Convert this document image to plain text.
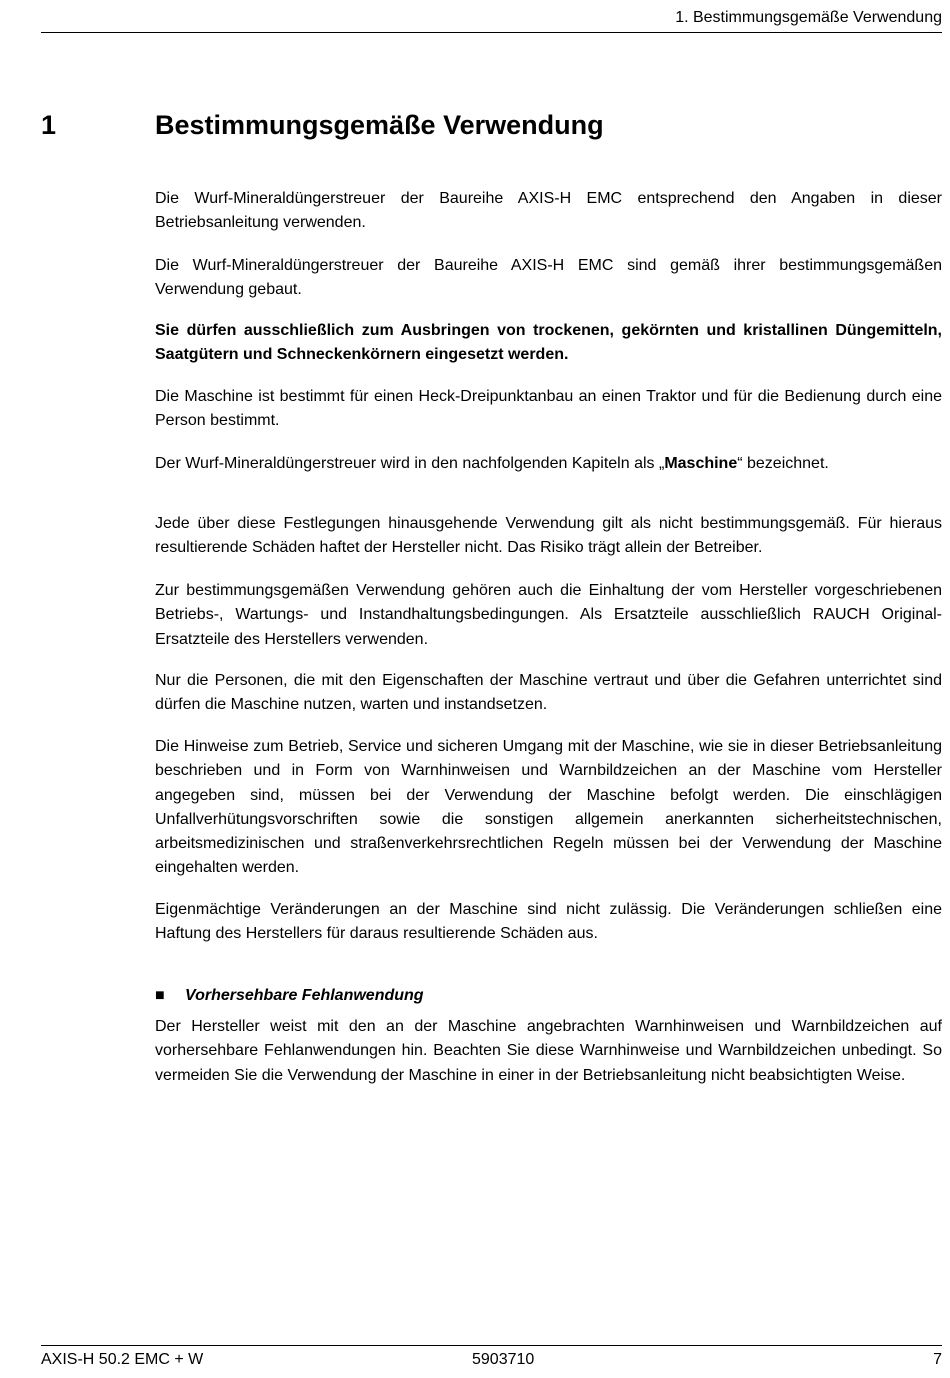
1. Bestimmungsgemäße Verwendung
1	Bestimmungsgemäße Verwendung

Die Wurf-Mineraldüngerstreuer der Baureihe AXIS-H EMC entsprechend den Angaben in dieser Betriebsanleitung verwenden.

Die Wurf-Mineraldüngerstreuer der Baureihe AXIS-H EMC sind gemäß ihrer bestimmungsgemäßen Verwendung gebaut.

Sie dürfen ausschließlich zum Ausbringen von trockenen, gekörnten und kristallinen Düngemitteln, Saatgütern und Schneckenkörnern eingesetzt werden.

Die Maschine ist bestimmt für einen Heck-Dreipunktanbau an einen Traktor und für die Bedienung durch eine Person bestimmt.

Der Wurf-Mineraldüngerstreuer wird in den nachfolgenden Kapiteln als „Maschine“ bezeichnet.

Jede über diese Festlegungen hinausgehende Verwendung gilt als nicht bestimmungsgemäß. Für hieraus resultierende Schäden haftet der Hersteller nicht. Das Risiko trägt allein der Betreiber.

Zur bestimmungsgemäßen Verwendung gehören auch die Einhaltung der vom Hersteller vorgeschriebenen Betriebs-, Wartungs- und Instandhaltungsbedingungen. Als Ersatzteile ausschließlich RAUCH Original-Ersatzteile des Herstellers verwenden.

Nur die Personen, die mit den Eigenschaften der Maschine vertraut und über die Gefahren unterrichtet sind dürfen die Maschine nutzen, warten und instandsetzen.

Die Hinweise zum Betrieb, Service und sicheren Umgang mit der Maschine, wie sie in dieser Betriebsanleitung beschrieben und in Form von Warnhinweisen und Warnbildzeichen an der Maschine vom Hersteller angegeben sind, müssen bei der Verwendung der Maschine befolgt werden. Die einschlägigen Unfallverhütungsvorschriften sowie die sonstigen allgemein anerkannten sicherheitstechnischen, arbeitsmedizinischen und straßenverkehrsrechtlichen Regeln müssen bei der Verwendung der Maschine eingehalten werden.

Eigenmächtige Veränderungen an der Maschine sind nicht zulässig. Die Veränderungen schließen eine Haftung des Herstellers für daraus resultierende Schäden aus.

■ Vorhersehbare Fehlanwendung

Der Hersteller weist mit den an der Maschine angebrachten Warnhinweisen und Warnbildzeichen auf vorhersehbare Fehlanwendungen hin. Beachten Sie diese Warnhinweise und Warnbildzeichen unbedingt. So vermeiden Sie die Verwendung der Maschine in einer in der Betriebsanleitung nicht beabsichtigten Weise.

AXIS-H 50.2 EMC + W	5903710	7
